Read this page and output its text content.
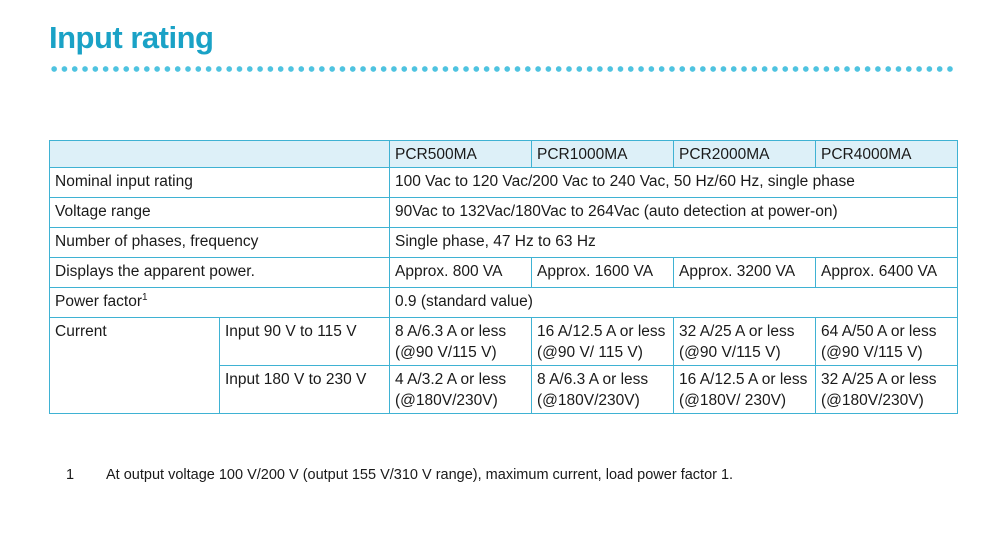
Input rating
		PCR500MA	PCR1000MA	PCR2000MA	PCR4000MA
Nominal input rating		100 Vac to 120 Vac/200 Vac to 240 Vac, 50 Hz/60 Hz, single phase			
Voltage range		90Vac to 132Vac/180Vac to 264Vac (auto detection at power-on)			
Number of phases, frequency		Single phase, 47 Hz to 63 Hz			
Displays the apparent power.		Approx. 800 VA	Approx. 1600 VA	Approx. 3200 VA	Approx. 6400 VA
Power factor$^1$		0.9 (standard value)			
Current	Input 90 V to 115 V	8 A/6.3 A or less (@90 V/115 V)	16 A/12.5 A or less (@90 V/ 115 V)	32 A/25 A or less (@90 V/115 V)	64 A/50 A or less (@90 V/115 V)
	Input 180 V to 230 V	4 A/3.2 A or less (@180V/230V)	8 A/6.3 A or less (@180V/230V)	16 A/12.5 A or less (@180V/ 230V)	32 A/25 A or less (@180V/230V)
1 At output voltage 100 V/200 V (output 155 V/310 V range), maximum current, load power factor 1.
